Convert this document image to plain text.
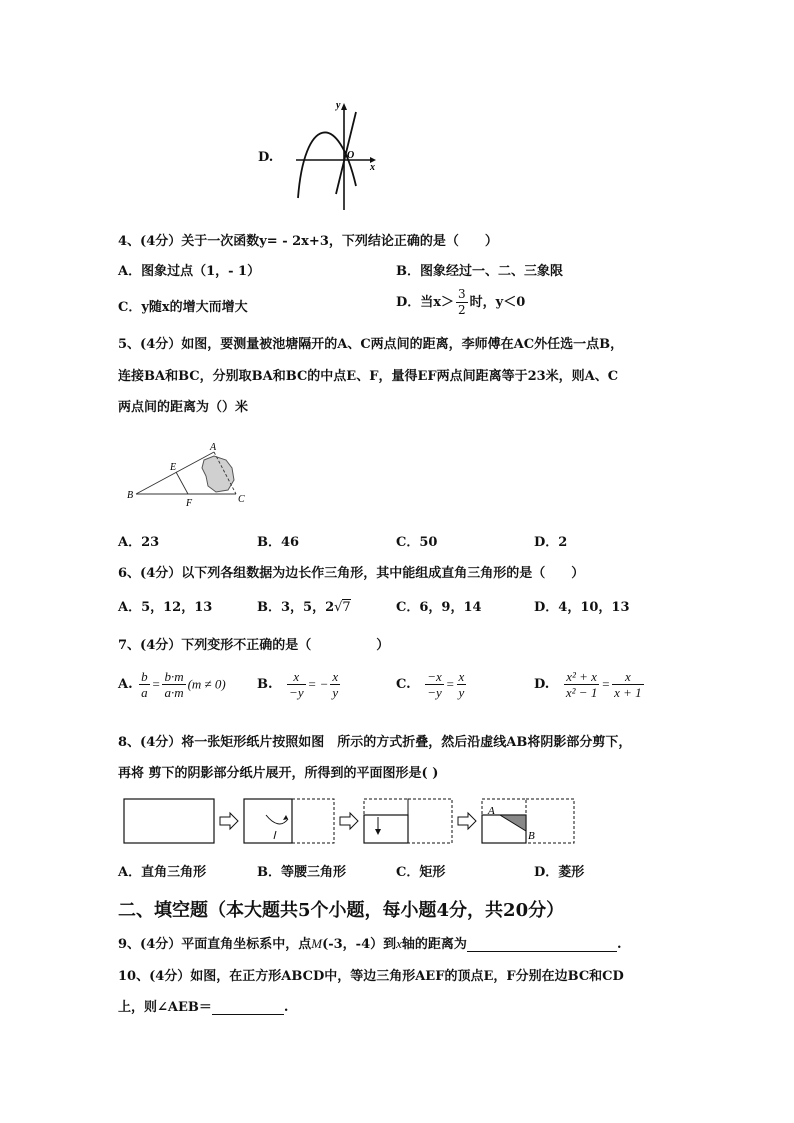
D.
y
x
O
4、(4分）关于一次函数y= - 2x+3，下列结论正确的是（　　）
A．图象过点（1，- 1）	B．图象经过一、二、三象限
C．y随x的增大而增大	D．当$x> \frac{3}{2}$ 时，y＜0
5、(4分）如图，要测量被池塘隔开的A、C两点间的距离，李师傅在AC外任选一点B，
连接BA和BC，分别取BA和BC的中点E、F，量得EF两点间距离等于23米，则A、C
两点间的距离为（）米
A
B	C
E
F
A．23	B．46	C．50	D．2
6、(4分）以下列各组数据为边长作三角形，其中能组成直角三角形的是（　　）
A．5，12，13	B．3，5，2√7	C．6，9，14	D．4，10，13
7、(4分）下列变形不正确的是（　　　　　）
A. $\frac{b}{a} = \frac{b\cdot m}{a\cdot m} (m \ne 0)$ B. $\frac{x}{-y}$ = − $\frac{x}{y}$	C. $\frac{-x}{-y} = \frac{x}{y}$	D. $\frac{\text{x² + x}}{\text{x² − 1}} = \frac{x}{x + 1}$
8、(4分）将一张矩形纸片按照如图　所示的方式折叠，然后沿虚线AB将阴影部分剪下，
再将 剪下的阴影部分纸片展开，所得到的平面图形是( )
A
B
A．直角三角形	B．等腰三角形	C．矩形	D．菱形
二、填空题（本大题共5个小题，每小题4分，共20分）
9、(4分）平面直角坐标系中，点M(-3，-4）到x轴的距离为	.
10、(4分）如图，在正方形ABCD中，等边三角形AEF的顶点E，F分别在边BC和CD
上，则∠AEB＝	.
